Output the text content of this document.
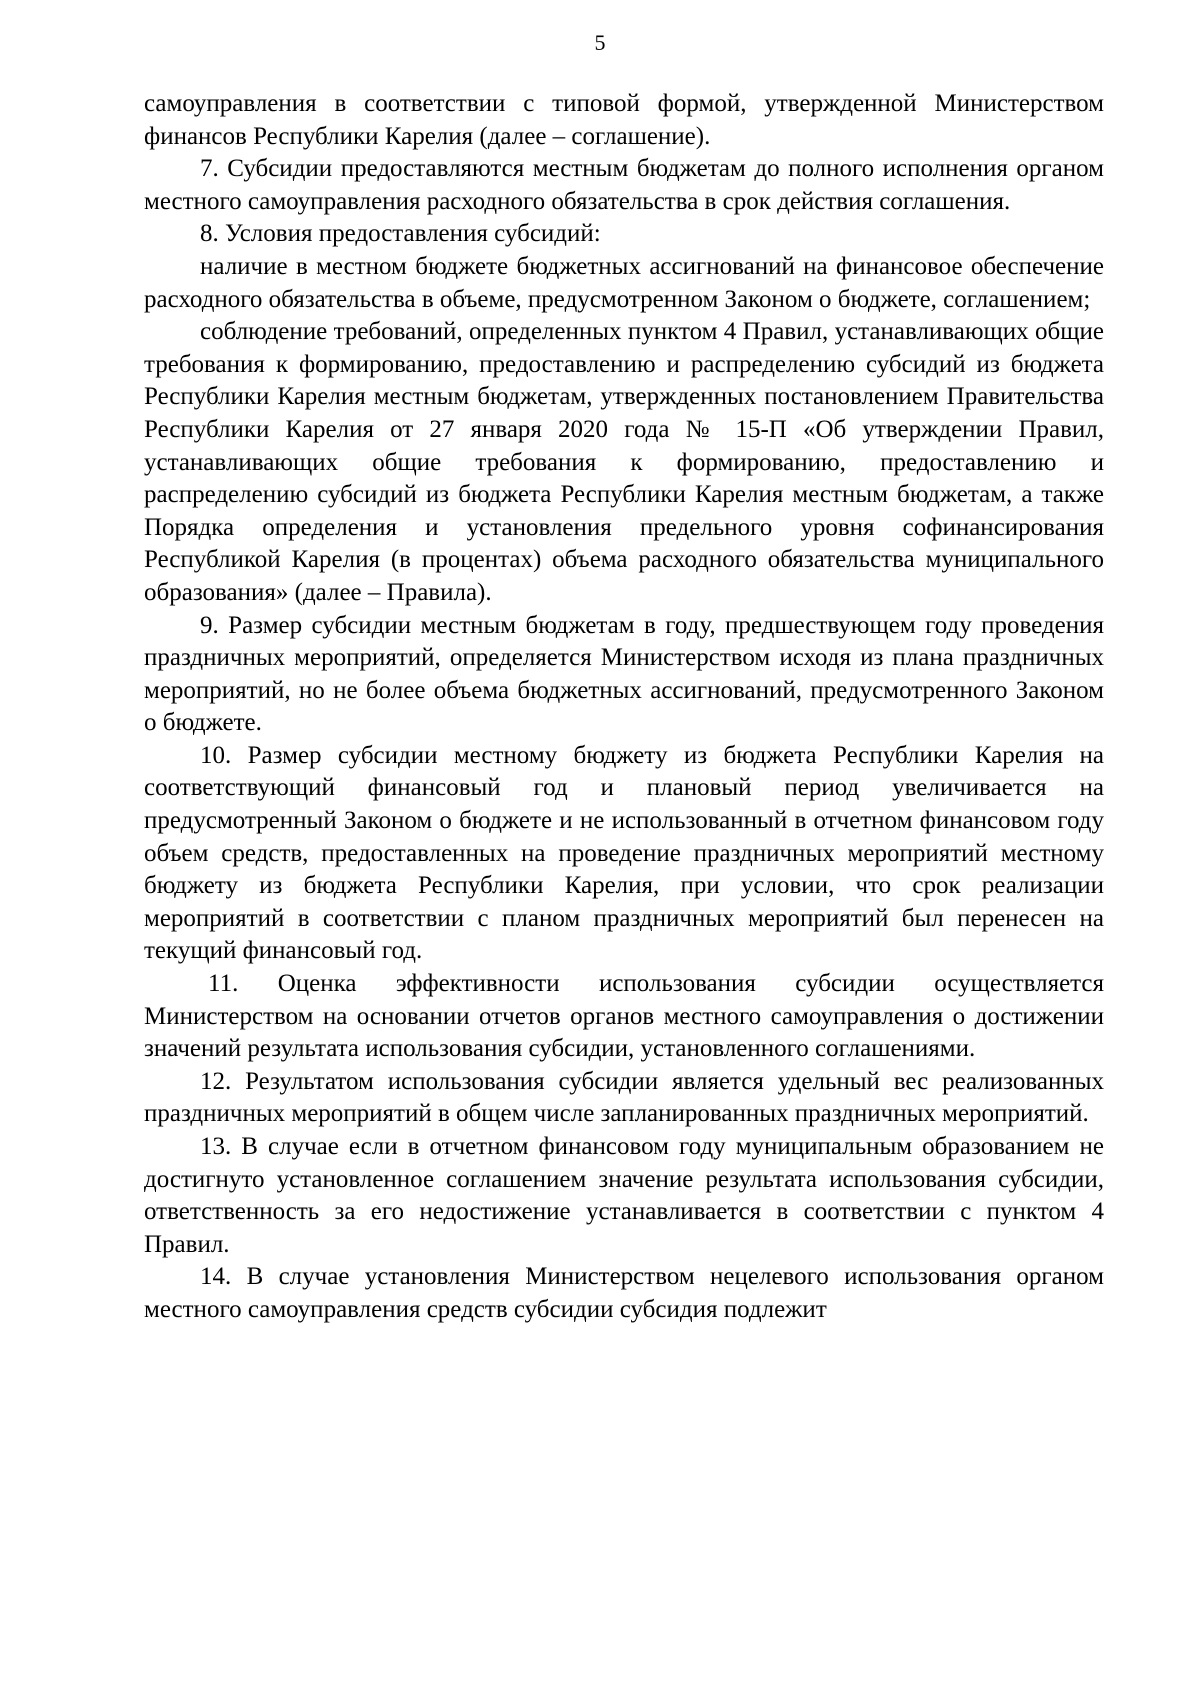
5

самоуправления в соответствии с типовой формой, утвержденной Министерством финансов Республики Карелия (далее – соглашение).

7. Субсидии предоставляются местным бюджетам до полного исполнения органом местного самоуправления расходного обязательства в срок действия соглашения.

8. Условия предоставления субсидий:

наличие в местном бюджете бюджетных ассигнований на финансовое обеспечение расходного обязательства в объеме, предусмотренном Законом о бюджете, соглашением;

соблюдение требований, определенных пунктом 4 Правил, устанавливающих общие требования к формированию, предоставлению и распределению субсидий из бюджета Республики Карелия местным бюджетам, утвержденных постановлением Правительства Республики Карелия от 27 января 2020 года № 15-П «Об утверждении Правил, устанавливающих общие требования к формированию, предоставлению и распределению субсидий из бюджета Республики Карелия местным бюджетам, а также Порядка определения и установления предельного уровня софинансирования Республикой Карелия (в процентах) объема расходного обязательства муниципального образования» (далее – Правила).

9. Размер субсидии местным бюджетам в году, предшествующем году проведения праздничных мероприятий, определяется Министерством исходя из плана праздничных мероприятий, но не более объема бюджетных ассигнований, предусмотренного Законом о бюджете.

10. Размер субсидии местному бюджету из бюджета Республики Карелия на соответствующий финансовый год и плановый период увеличивается на предусмотренный Законом о бюджете и не использованный в отчетном финансовом году объем средств, предоставленных на проведение праздничных мероприятий местному бюджету из бюджета Республики Карелия, при условии, что срок реализации мероприятий в соответствии с планом праздничных мероприятий был перенесен на текущий финансовый год.

11. Оценка эффективности использования субсидии осуществляется Министерством на основании отчетов органов местного самоуправления о достижении значений результата использования субсидии, установленного соглашениями.

12. Результатом использования субсидии является удельный вес реализованных праздничных мероприятий в общем числе запланированных праздничных мероприятий.

13. В случае если в отчетном финансовом году муниципальным образованием не достигнуто установленное соглашением значение результата использования субсидии, ответственность за его недостижение устанавливается в соответствии с пунктом 4 Правил.

14. В случае установления Министерством нецелевого использования органом местного самоуправления средств субсидии субсидия подлежит
